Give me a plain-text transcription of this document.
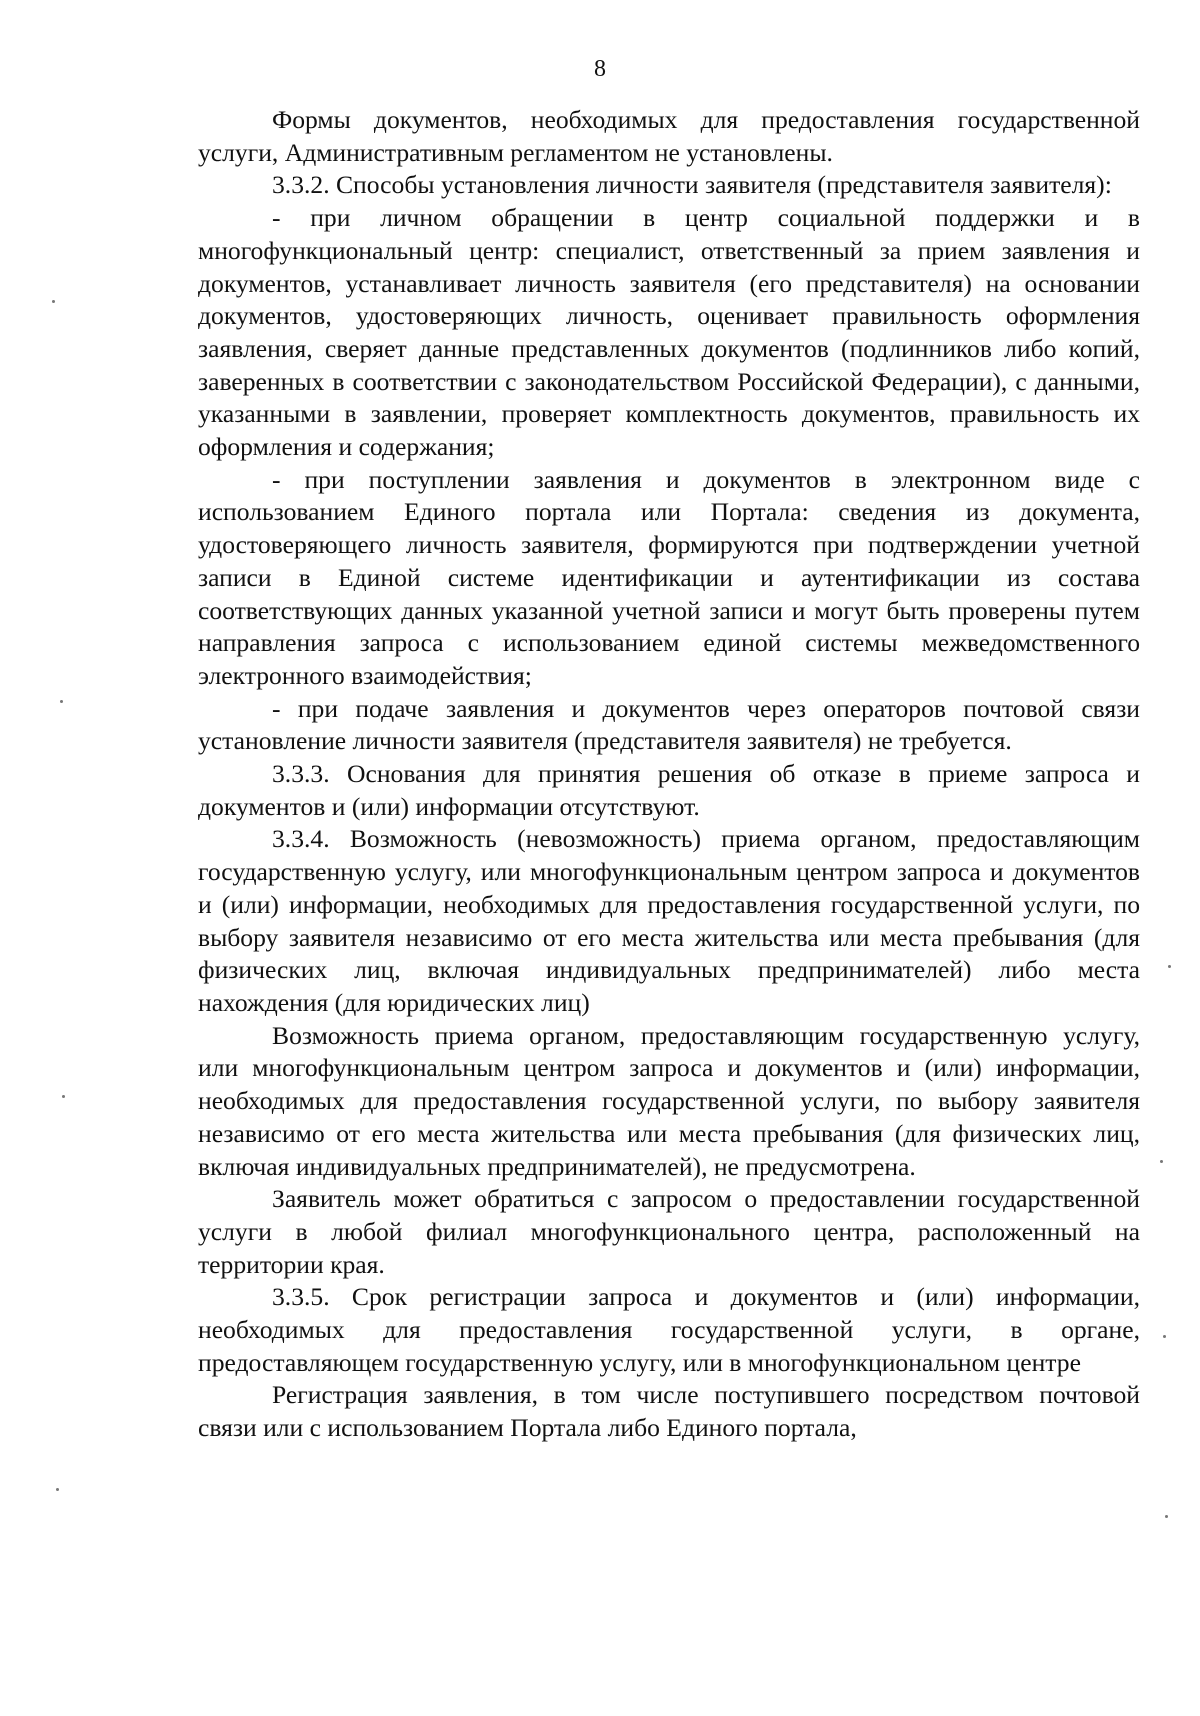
8

Формы документов, необходимых для предоставления государственной услуги, Административным регламентом не установлены.

3.3.2. Способы установления личности заявителя (представителя заявителя):

- при личном обращении в центр социальной поддержки и в многофункциональный центр: специалист, ответственный за прием заявления и документов, устанавливает личность заявителя (его представителя) на основании документов, удостоверяющих личность, оценивает правильность оформления заявления, сверяет данные представленных документов (подлинников либо копий, заверенных в соответствии с законодательством Российской Федерации), с данными, указанными в заявлении, проверяет комплектность документов, правильность их оформления и содержания;

- при поступлении заявления и документов в электронном виде с использованием Единого портала или Портала: сведения из документа, удостоверяющего личность заявителя, формируются при подтверждении учетной записи в Единой системе идентификации и аутентификации из состава соответствующих данных указанной учетной записи и могут быть проверены путем направления запроса с использованием единой системы межведомственного электронного взаимодействия;

- при подаче заявления и документов через операторов почтовой связи установление личности заявителя (представителя заявителя) не требуется.

3.3.3. Основания для принятия решения об отказе в приеме запроса и документов и (или) информации отсутствуют.

3.3.4. Возможность (невозможность) приема органом, предоставляющим государственную услугу, или многофункциональным центром запроса и документов и (или) информации, необходимых для предоставления государственной услуги, по выбору заявителя независимо от его места жительства или места пребывания (для физических лиц, включая индивидуальных предпринимателей) либо места нахождения (для юридических лиц)

Возможность приема органом, предоставляющим государственную услугу, или многофункциональным центром запроса и документов и (или) информации, необходимых для предоставления государственной услуги, по выбору заявителя независимо от его места жительства или места пребывания (для физических лиц, включая индивидуальных предпринимателей), не предусмотрена.

Заявитель может обратиться с запросом о предоставлении государственной услуги в любой филиал многофункционального центра, расположенный на территории края.

3.3.5. Срок регистрации запроса и документов и (или) информации, необходимых для предоставления государственной услуги, в органе, предоставляющем государственную услугу, или в многофункциональном центре

Регистрация заявления, в том числе поступившего посредством почтовой связи или с использованием Портала либо Единого портала,
